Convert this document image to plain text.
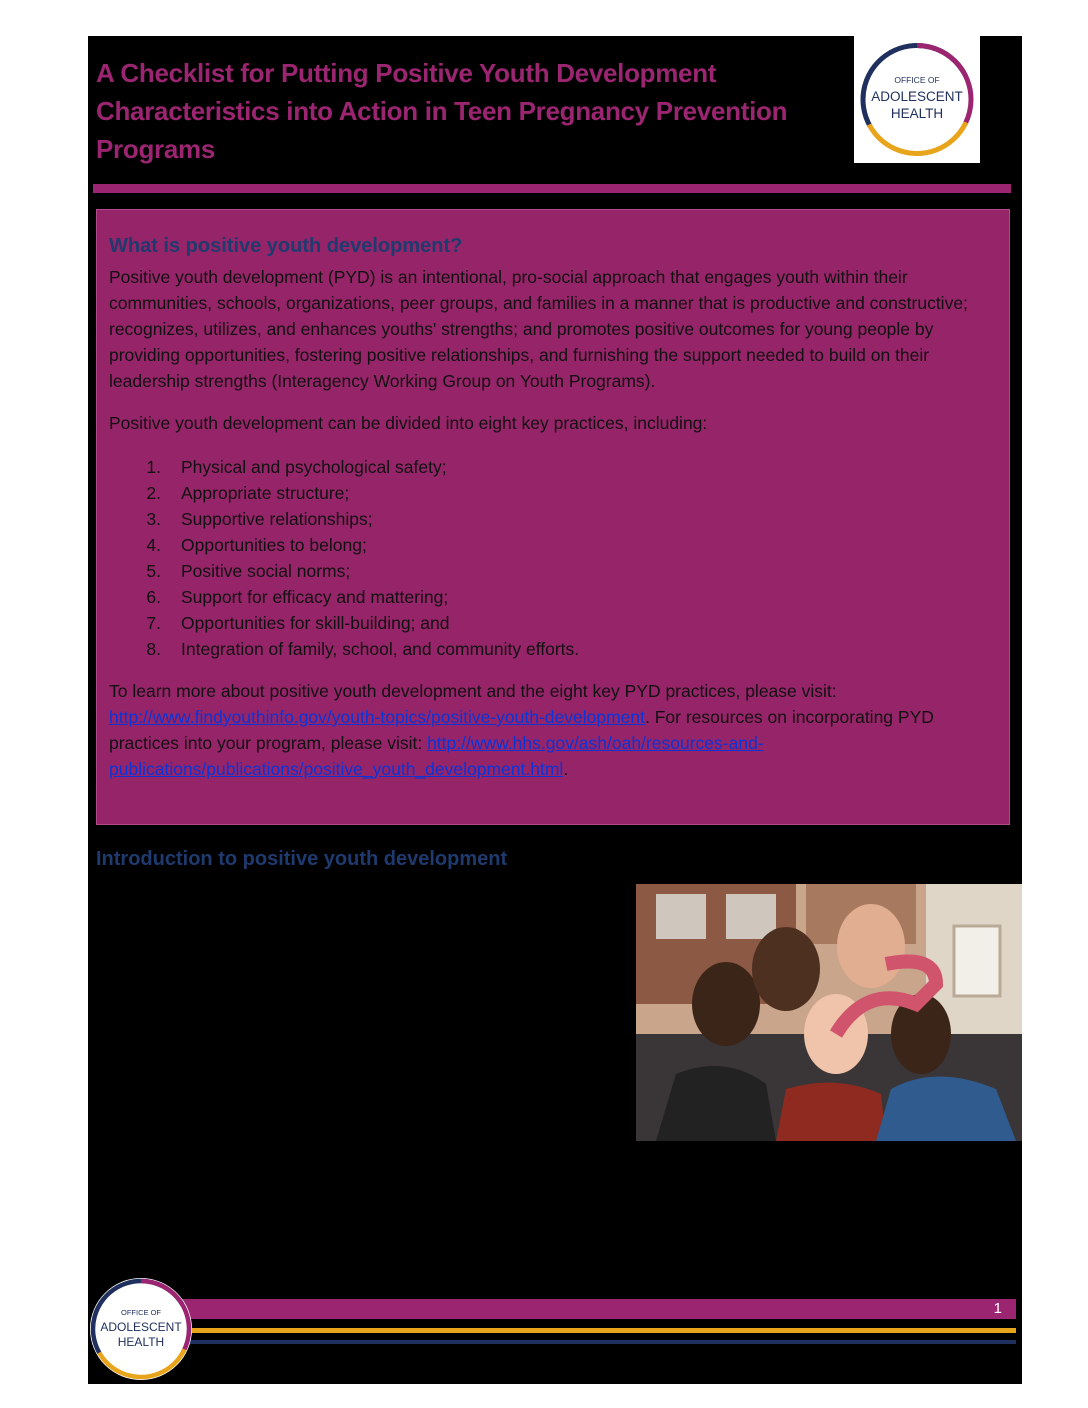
A Checklist for Putting Positive Youth Development Characteristics into Action in Teen Pregnancy Prevention Programs
OFFICE OF
ADOLESCENT
HEALTH
What is positive youth development?

Positive youth development (PYD) is an intentional, pro-social approach that engages youth within their communities, schools, organizations, peer groups, and families in a manner that is productive and constructive; recognizes, utilizes, and enhances youths' strengths; and promotes positive outcomes for young people by providing opportunities, fostering positive relationships, and furnishing the support needed to build on their leadership strengths (Interagency Working Group on Youth Programs).

Positive youth development can be divided into eight key practices, including:

1. Physical and psychological safety;
2. Appropriate structure;
3. Supportive relationships;
4. Opportunities to belong;
5. Positive social norms;
6. Support for efficacy and mattering;
7. Opportunities for skill-building; and
8. Integration of family, school, and community efforts.

To learn more about positive youth development and the eight key PYD practices, please visit: http://www.findyouthinfo.gov/youth-topics/positive-youth-development. For resources on incorporating PYD practices into your program, please visit: http://www.hhs.gov/ash/oah/resources-and-publications/publications/positive_youth_development.html.

Introduction to positive youth development
1
OFFICE OF
ADOLESCENT
HEALTH
